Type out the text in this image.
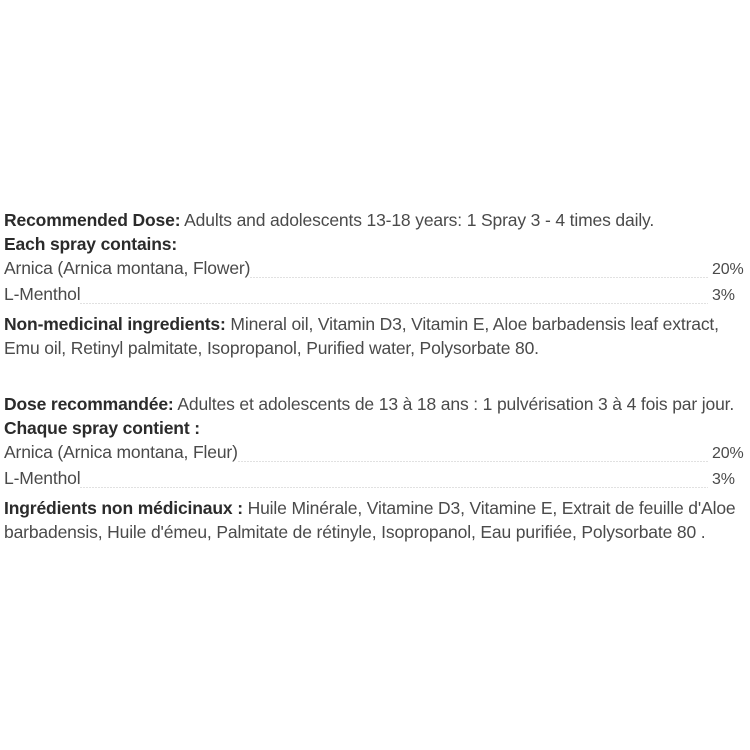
Recommended Dose: Adults and adolescents 13-18 years: 1 Spray 3 - 4 times daily.
Each spray contains:
Arnica (Arnica montana, Flower)	20%
L-Menthol	3%
Non-medicinal ingredients: Mineral oil, Vitamin D3, Vitamin E, Aloe barbadensis leaf extract, Emu oil, Retinyl palmitate, Isopropanol, Purified water, Polysorbate 80.
Dose recommandée: Adultes et adolescents de 13 à 18 ans : 1 pulvérisation 3 à 4 fois par jour.
Chaque spray contient :
Arnica (Arnica montana, Fleur)	20%
L-Menthol	3%
Ingrédients non médicinaux : Huile Minérale, Vitamine D3, Vitamine E, Extrait de feuille d'Aloe barbadensis, Huile d'émeu, Palmitate de rétinyle, Isopropanol, Eau purifiée, Polysorbate 80 .
